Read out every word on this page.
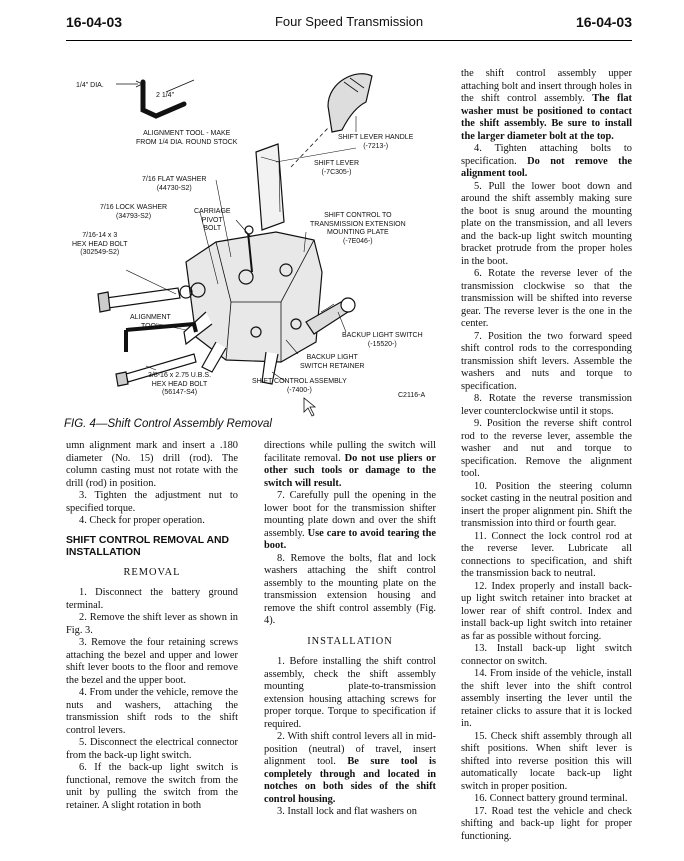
16-04-03	Four Speed Transmission	16-04-03
1/4" DIA.
2 1/4"
ALIGNMENT TOOL - MAKE
FROM 1/4 DIA. ROUND STOCK
SHIFT LEVER HANDLE
(-7213-)
SHIFT LEVER
(-7C305-)
7/16 FLAT WASHER
(44730-S2)
7/16 LOCK WASHER
(34793-S2)
CARRIAGE
PIVOT
BOLT
7/16-14 x 3
HEX HEAD BOLT
(302549-S2)
SHIFT CONTROL TO
TRANSMISSION EXTENSION
MOUNTING PLATE
(-7E046-)
ALIGNMENT
TOOL
BACKUP LIGHT SWITCH
(-15520-)
BACKUP LIGHT
SWITCH RETAINER
3/8-16 x 2.75 U.B.S.
HEX HEAD BOLT
(56147-S4)
SHIFT CONTROL ASSEMBLY
(-7400-)
C2116-A
FIG. 4—Shift Control Assembly Removal

umn alignment mark and insert a .180 diameter (No. 15) drill (rod). The column casting must not rotate with the drill (rod) in position.

3. Tighten the adjustment nut to specified torque.

4. Check for proper operation.

SHIFT CONTROL REMOVAL AND INSTALLATION
REMOVAL

1. Disconnect the battery ground terminal.

2. Remove the shift lever as shown in Fig. 3.

3. Remove the four retaining screws attaching the bezel and upper and lower shift lever boots to the floor and remove the bezel and the upper boot.

4. From under the vehicle, remove the nuts and washers, attaching the transmission shift rods to the shift control levers.

5. Disconnect the electrical connector from the back-up light switch.

6. If the back-up light switch is functional, remove the switch from the unit by pulling the switch from the retainer. A slight rotation in both

directions while pulling the switch will facilitate removal. Do not use pliers or other such tools or damage to the switch will result.

7. Carefully pull the opening in the lower boot for the transmission shifter mounting plate down and over the shift assembly. Use care to avoid tearing the boot.

8. Remove the bolts, flat and lock washers attaching the shift control assembly to the mounting plate on the transmission extension housing and remove the shift control assembly (Fig. 4).

INSTALLATION

1. Before installing the shift control assembly, check the shift assembly mounting plate-to-transmission extension housing attaching screws for proper torque. Torque to specification if required.

2. With shift control levers all in mid-position (neutral) of travel, insert alignment tool. Be sure tool is completely through and located in notches on both sides of the shift control housing.

3. Install lock and flat washers on

the shift control assembly upper attaching bolt and insert through holes in the shift control assembly. The flat washer must be positioned to contact the shift assembly. Be sure to install the larger diameter bolt at the top.

4. Tighten attaching bolts to specification. Do not remove the alignment tool.

5. Pull the lower boot down and around the shift assembly making sure the boot is snug around the mounting plate on the transmission, and all levers and the back-up light switch mounting bracket protrude from the proper holes in the boot.

6. Rotate the reverse lever of the transmission clockwise so that the transmission will be shifted into reverse gear. The reverse lever is the one in the center.

7. Position the two forward speed shift control rods to the corresponding transmission shift levers. Assemble the washers and nuts and torque to specification.

8. Rotate the reverse transmission lever counterclockwise until it stops.

9. Position the reverse shift control rod to the reverse lever, assemble the washer and nut and torque to specification. Remove the alignment tool.

10. Position the steering column socket casting in the neutral position and insert the proper alignment pin. Shift the transmission into third or fourth gear.

11. Connect the lock control rod at the reverse lever. Lubricate all connections to specification, and shift the transmission back to neutral.

12. Index properly and install back-up light switch retainer into bracket at lower rear of shift control. Index and install back-up light switch into retainer as far as possible without forcing.

13. Install back-up light switch connector on switch.

14. From inside of the vehicle, install the shift lever into the shift control assembly inserting the lever until the retainer clicks to assure that it is locked in.

15. Check shift assembly through all shift positions. When shift lever is shifted into reverse position this will automatically locate back-up light switch in proper position.

16. Connect battery ground terminal.

17. Road test the vehicle and check shifting and back-up light for proper functioning.
